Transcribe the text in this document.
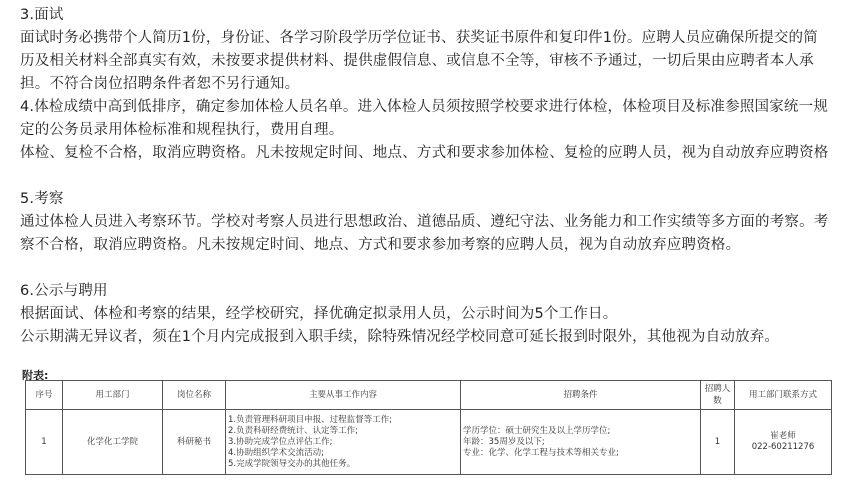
3.面试

面试时务必携带个人简历1份，身份证、各学习阶段学历学位证书、获奖证书原件和复印件1份。应聘人员应确保所提交的简历及相关材料全部真实有效，未按要求提供材料、提供虚假信息、或信息不全等，审核不予通过，一切后果由应聘者本人承担。不符合岗位招聘条件者恕不另行通知。

4.体检成绩中高到低排序，确定参加体检人员名单。进入体检人员须按照学校要求进行体检，体检项目及标准参照国家统一规定的公务员录用体检标准和规程执行，费用自理。

体检、复检不合格，取消应聘资格。凡未按规定时间、地点、方式和要求参加体检、复检的应聘人员，视为自动放弃应聘资格

5.考察

通过体检人员进入考察环节。学校对考察人员进行思想政治、道德品质、遵纪守法、业务能力和工作实绩等多方面的考察。考察不合格，取消应聘资格。凡未按规定时间、地点、方式和要求参加考察的应聘人员，视为自动放弃应聘资格。

6.公示与聘用

根据面试、体检和考察的结果，经学校研究，择优确定拟录用人员，公示时间为5个工作日。

公示期满无异议者，须在1个月内完成报到入职手续，除特殊情况经学校同意可延长报到时限外，其他视为自动放弃。

附表:
序号	用工部门	岗位名称	主要从事工作内容	招聘条件	招聘人数	用工部门联系方式
1	化学化工学院	科研秘书	1.负责管理科研项目申报、过程监督等工作;
2.负责科研经费统计、认定等工作;
3.协助完成学位点评估工作;
4.协助组织学术交流活动;
5.完成学院领导交办的其他任务。	学历学位：硕士研究生及以上学历学位;
年龄：35周岁及以下;
专业：化学、化学工程与技术等相关专业;	1	崔老师
022-60211276
